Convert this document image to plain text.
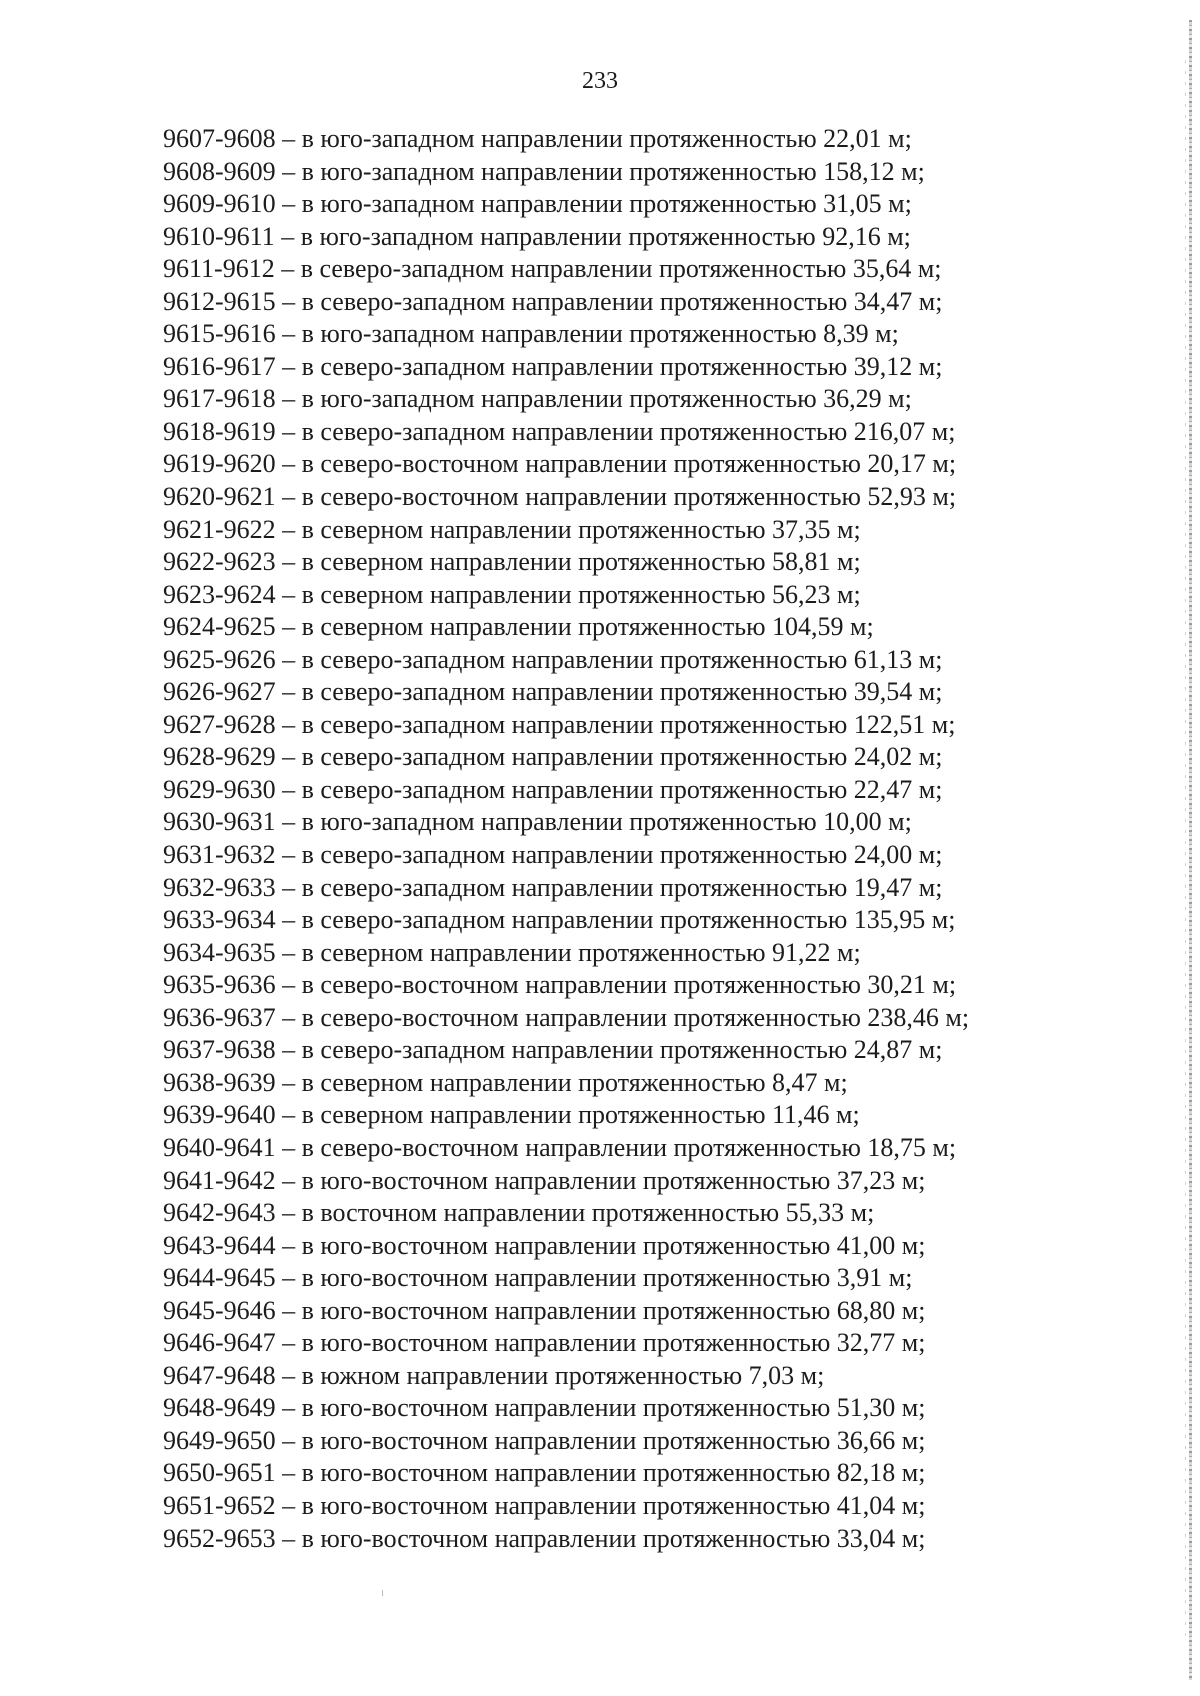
233
9607-9608 – в юго-западном направлении протяженностью 22,01 м;
9608-9609 – в юго-западном направлении протяженностью 158,12 м;
9609-9610 – в юго-западном направлении протяженностью 31,05 м;
9610-9611 – в юго-западном направлении протяженностью 92,16 м;
9611-9612 – в северо-западном направлении протяженностью 35,64 м;
9612-9615 – в северо-западном направлении протяженностью 34,47 м;
9615-9616 – в юго-западном направлении протяженностью 8,39 м;
9616-9617 – в северо-западном направлении протяженностью 39,12 м;
9617-9618 – в юго-западном направлении протяженностью 36,29 м;
9618-9619 – в северо-западном направлении протяженностью 216,07 м;
9619-9620 – в северо-восточном направлении протяженностью 20,17 м;
9620-9621 – в северо-восточном направлении протяженностью 52,93 м;
9621-9622 – в северном направлении протяженностью 37,35 м;
9622-9623 – в северном направлении протяженностью 58,81 м;
9623-9624 – в северном направлении протяженностью 56,23 м;
9624-9625 – в северном направлении протяженностью 104,59 м;
9625-9626 – в северо-западном направлении протяженностью 61,13 м;
9626-9627 – в северо-западном направлении протяженностью 39,54 м;
9627-9628 – в северо-западном направлении протяженностью 122,51 м;
9628-9629 – в северо-западном направлении протяженностью 24,02 м;
9629-9630 – в северо-западном направлении протяженностью 22,47 м;
9630-9631 – в юго-западном направлении протяженностью 10,00 м;
9631-9632 – в северо-западном направлении протяженностью 24,00 м;
9632-9633 – в северо-западном направлении протяженностью 19,47 м;
9633-9634 – в северо-западном направлении протяженностью 135,95 м;
9634-9635 – в северном направлении протяженностью 91,22 м;
9635-9636 – в северо-восточном направлении протяженностью 30,21 м;
9636-9637 – в северо-восточном направлении протяженностью 238,46 м;
9637-9638 – в северо-западном направлении протяженностью 24,87 м;
9638-9639 – в северном направлении протяженностью 8,47 м;
9639-9640 – в северном направлении протяженностью 11,46 м;
9640-9641 – в северо-восточном направлении протяженностью 18,75 м;
9641-9642 – в юго-восточном направлении протяженностью 37,23 м;
9642-9643 – в восточном направлении протяженностью 55,33 м;
9643-9644 – в юго-восточном направлении протяженностью 41,00 м;
9644-9645 – в юго-восточном направлении протяженностью 3,91 м;
9645-9646 – в юго-восточном направлении протяженностью 68,80 м;
9646-9647 – в юго-восточном направлении протяженностью 32,77 м;
9647-9648 – в южном направлении протяженностью 7,03 м;
9648-9649 – в юго-восточном направлении протяженностью 51,30 м;
9649-9650 – в юго-восточном направлении протяженностью 36,66 м;
9650-9651 – в юго-восточном направлении протяженностью 82,18 м;
9651-9652 – в юго-восточном направлении протяженностью 41,04 м;
9652-9653 – в юго-восточном направлении протяженностью 33,04 м;
